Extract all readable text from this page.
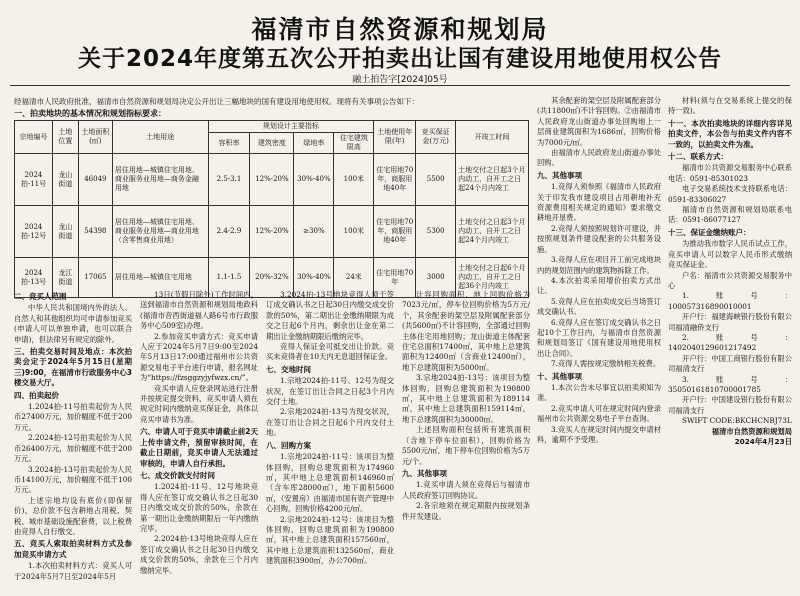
福清市自然资源和规划局
关于2024年度第五次公开拍卖出让国有建设用地使用权公告
融土拍告字[2024]05号
经福清市人民政府批准，福清市自然资源和规划局决定公开出让三幅地块的国有建设用地使用权。现将有关事项公告如下：
一、拍卖地块的基本情况和规划指标要求：
宗地编号	土地位置	土地面积(㎡)	土地用途	规划设计主要指标				土地使用年限(年)	竞买保证金(万元)	开竣工时间
				容积率	建筑密度	绿地率	住宅建筑限高			
2024拍-11号	龙山街道	46049	居住用地—城镇住宅用地、商业服务业用地—商务金融用地	2.5-3.1	12%-20%	30%-40%	100米	住宅用地70年，商服用地40年	5500	土地交付之日起3个月内动工，自开工之日起24个月内竣工
2024拍-12号	龙山街道	54398	居住用地—城镇住宅用地、商业服务业用地—商业用地（含零售商业用地）	2.4-2.9	12%-20%	≥30%	100米	住宅用地70年，商服用地40年	5300	土地交付之日起3个月内动工，自开工之日起24个月内竣工
2024拍-13号	龙江街道	17065	居住用地—城镇住宅用地	1.1-1.5	20%-32%	30%-40%	24米	住宅用地70年	3000	土地交付之日起6个月内动工，自开工之日起36个月内竣工
二、竞买人范围

中华人民共和国境内外的法人、自然人和其他组织均可申请参加竞买(申请人可以单独申请，也可以联合申请)，但法律另有规定的除外。

三、拍卖交易时间及地点：本次拍卖会定于2024年5月15日(星期三)9:00，在福清市行政服务中心3楼交易大厅。
四、拍卖起价

1.2024拍-11号拍卖起价为人民币27400万元，加价幅度不低于200万元。

2.2024拍-12号拍卖起价为人民币26400万元，加价幅度不低于200万元。

3.2024拍-13号拍卖起价为人民币14100万元，加价幅度不低于100万元。

上述宗地均设有底价(即保留价)，总价款不包含耕地占用税、契税、城市基础设施配套费，以上税费由竞得人自行缴交。

五、竞买人索取拍卖材料方式及参加竞买申请方式

1.本次拍卖材料方式：竞买人可于2024年5月7日至2024年5月

13日(节假日除外)工作时间内，送到福清市自然资源和规划局地政科(福清市音西街道福人路6号市行政服务中心509室)办理。

2.参加竞买申请方式：竞买申请人应于2024年5月7日9:00至2024年5月13日17:00通过福州市公共资源交易电子平台进行申请，报名网址为“https://fzsggzyjyfwzx.cn/”。

竞买申请人应登录网站进行注册并按规定提交资料，竞买申请人须在规定时间内缴纳竞买保证金，具体以竞买申请书为准。

六、申请人可于竞买申请截止前2天上传申请文件，预留审核时间，在截止日期前，竞买申请人无法通过审核的，申请人自行承担。
七、成交价款支付时间

1.2024拍-11号、12号地块竞得人应在签订成交确认书之日起30日内缴交成交价款的50%，余款在第一期出让金缴纳期限后一年内缴纳完毕。

2.2024拍-13号地块竞得人应在签订成交确认书之日起30日内缴交成交价款的50%，余款在三个月内缴纳完毕。

3.2024拍-13号地块竞得人须于签订成交确认书之日起30日内缴交成交价款的50%，第二期出让金缴纳期限为成交之日起6个月内，剩余出让金在第二期出让金缴纳期限后缴纳完毕。

竞得人保证金可抵交出让价款。竞买未竞得者在10天内无息退回保证金。

七、交地时间

1.宗地2024拍-11号、12号为现交状况，在签订出让合同之日起3个月内交付土地。

2.宗地2024拍-13号为现交状况，在签订出让合同之日起6个月内交付土地。

八、回购方案

1.宗地2024拍-11号：该项目为整体回购，回购总建筑面积为174960㎡，其中地上总建筑面积146960㎡（含车库28000㎡），地下面积5600㎡，（安置房）由福清市国有资产管理中心回购，回购价格4200元/㎡。

2.宗地2024拍-12号：该项目为整体回购，回购总建筑面积为190800㎡，其中地上总建筑面积157560㎡，其中地上总建筑面积132560㎡，商业建筑面积3900㎡，办公700㎡。

计容回购面积，地上回购价格为7023元/㎡，停车位回购价格为5万元/个，其余配套的架空层及附属配套部分(共5600㎡)不计容回购，全部通过回购主体住宅用地回购；龙山街道主体配套住宅总面积17400㎡，其中地上总建筑面积为12400㎡（含商业12400㎡），地下总建筑面积为5000㎡。

3.宗地2024拍-13号：该项目为整体回购，回购总建筑面积为190800㎡，其中地上总建筑面积为189114㎡，其中地上总建筑面积159114㎡，地下总建筑面积为30000㎡。

上述回购面积包括所有建筑面积（含地下停车位面积），回购价格为5500元/㎡，地下停车位回购价格为5万元/个。

九、其他事项

1.竞买申请人须在竞得后与福清市人民政府签订回购协议。

2.各宗地须在规定期限内按规划条件开发建设。

其余配套的架空层及附属配套部分(共11800㎡)不计容回购。②由福清市人民政府龙山街道办事处回购地上一层商业建筑面积为1686㎡，回购价格为7000元/㎡。

由福清市人民政府龙山街道办事处回购。

九、其他事项

1.竞得人须参照《福清市人民政府关于印发我市建设项目占用耕地补充资源费用相关规定的通知》要求缴交耕地开垦费。

2.竞得人须按照规划许可建设，并按照规划条件建设配套的公共服务设施。

3.竞得人应在项目开工前完成地块内的规划范围内的建筑物拆除工作。

4.本次拍卖采用增价拍卖方式出让。

5.竞得人应在拍卖成交后当场签订成交确认书。

6.竞得人应在签订成交确认书之日起10个工作日内，与福清市自然资源和规划局签订《国有建设用地使用权出让合同》。

7.竞得人需按规定缴纳相关税费。

十、其他事项

1.本次公告未尽事宜以拍卖须知为准。

2.竞买申请人可在规定时间内登录福州市公共资源交易电子平台查询。

3.竞买人在规定时间内提交申请材料，逾期不予受理。

材料(须与在交易系统上提交的保持一致)。

十一、本次拍卖地块的详细内容详见拍卖文件，本公告与拍卖文件内容不一致的，以拍卖文件为准。
十二、联系方式：

福清市公共资源交易服务中心联系电话：0591-85301023

电子交易系统技术支持联系电话：0591-83306027

福清市自然资源和规划局联系电话：0591-86077127

十三、保证金缴纳账户：

为推动我市数字人民币试点工作，竞买申请人可以数字人民币形式缴纳竞买保证金。

户名：福清市公共资源交易服务中心

1.账号：100057316890010001

开户行：福建海峡银行股份有限公司福清融侨支行

2.账号：1402040129601217492

开户行：中国工商银行股份有限公司福清支行

3.账号：35050161810700001785

开户行：中国建设银行股份有限公司福清支行

SWIFT CODE:BKCHCNBJ73L

福清市自然资源和规划局
2024年4月23日
